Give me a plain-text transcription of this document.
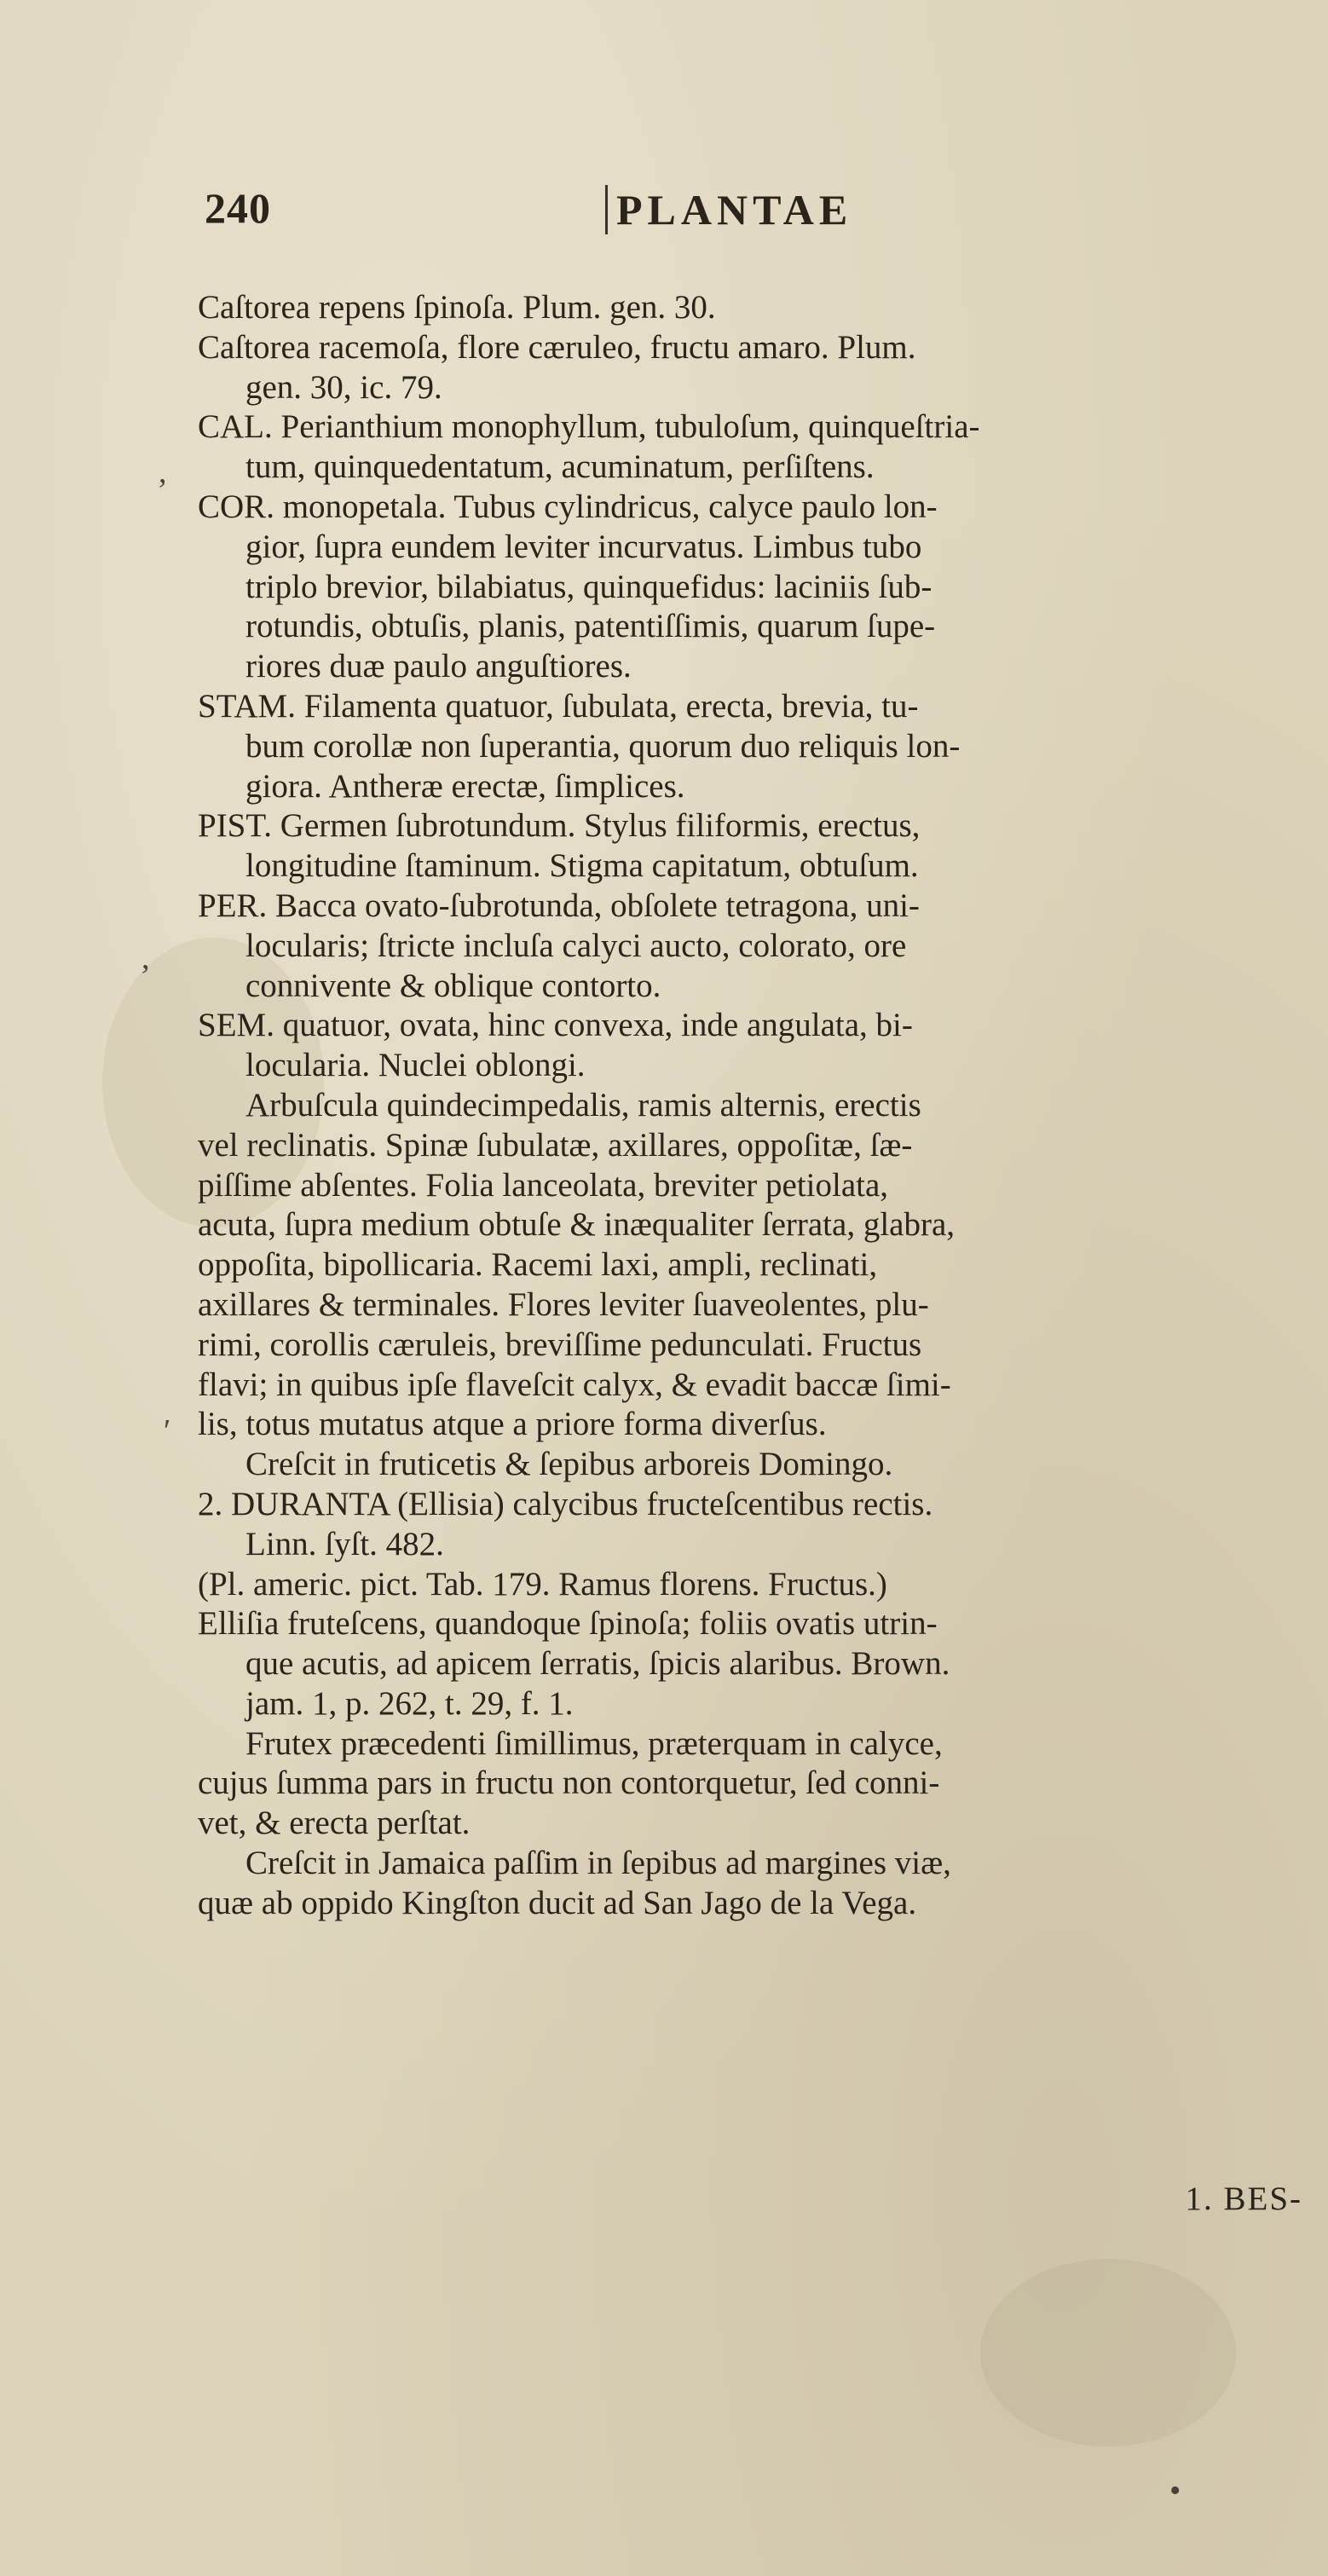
240	PLANTAE
Caſtorea repens ſpinoſa. Plum. gen. 30.
Caſtorea racemoſa, flore cæruleo, fructu amaro. Plum.
gen. 30, ic. 79.
CAL. Perianthium monophyllum, tubuloſum, quinqueſtria-
tum, quinquedentatum, acuminatum, perſiſtens.
COR. monopetala. Tubus cylindricus, calyce paulo lon-
gior, ſupra eundem leviter incurvatus. Limbus tubo
triplo brevior, bilabiatus, quinquefidus: laciniis ſub-
rotundis, obtuſis, planis, patentiſſimis, quarum ſupe-
riores duæ paulo anguſtiores.
STAM. Filamenta quatuor, ſubulata, erecta, brevia, tu-
bum corollæ non ſuperantia, quorum duo reliquis lon-
giora. Antheræ erectæ, ſimplices.
PIST. Germen ſubrotundum. Stylus filiformis, erectus,
longitudine ſtaminum. Stigma capitatum, obtuſum.
PER. Bacca ovato-ſubrotunda, obſolete tetragona, uni-
locularis; ſtricte incluſa calyci aucto, colorato, ore
connivente & oblique contorto.
SEM. quatuor, ovata, hinc convexa, inde angulata, bi-
locularia. Nuclei oblongi.
Arbuſcula quindecimpedalis, ramis alternis, erectis
vel reclinatis. Spinæ ſubulatæ, axillares, oppoſitæ, ſæ-
piſſime abſentes. Folia lanceolata, breviter petiolata,
acuta, ſupra medium obtuſe & inæqualiter ſerrata, glabra,
oppoſita, bipollicaria. Racemi laxi, ampli, reclinati,
axillares & terminales. Flores leviter ſuaveolentes, plu-
rimi, corollis cæruleis, breviſſime pedunculati. Fructus
flavi; in quibus ipſe flaveſcit calyx, & evadit baccæ ſimi-
lis, totus mutatus atque a priore forma diverſus.
Creſcit in fruticetis & ſepibus arboreis Domingo.
2. DURANTA (Ellisia) calycibus fructeſcentibus rectis.
Linn. ſyſt. 482.
(Pl. americ. pict. Tab. 179. Ramus florens. Fructus.)
Elliſia fruteſcens, quandoque ſpinoſa; foliis ovatis utrin-
que acutis, ad apicem ſerratis, ſpicis alaribus. Brown.
jam. 1, p. 262, t. 29, f. 1.
Frutex præcedenti ſimillimus, præterquam in calyce,
cujus ſumma pars in fructu non contorquetur, ſed conni-
vet, & erecta perſtat.
Creſcit in Jamaica paſſim in ſepibus ad margines viæ,
quæ ab oppido Kingſton ducit ad San Jago de la Vega.
1. BES-
,
,
ʹ
•
